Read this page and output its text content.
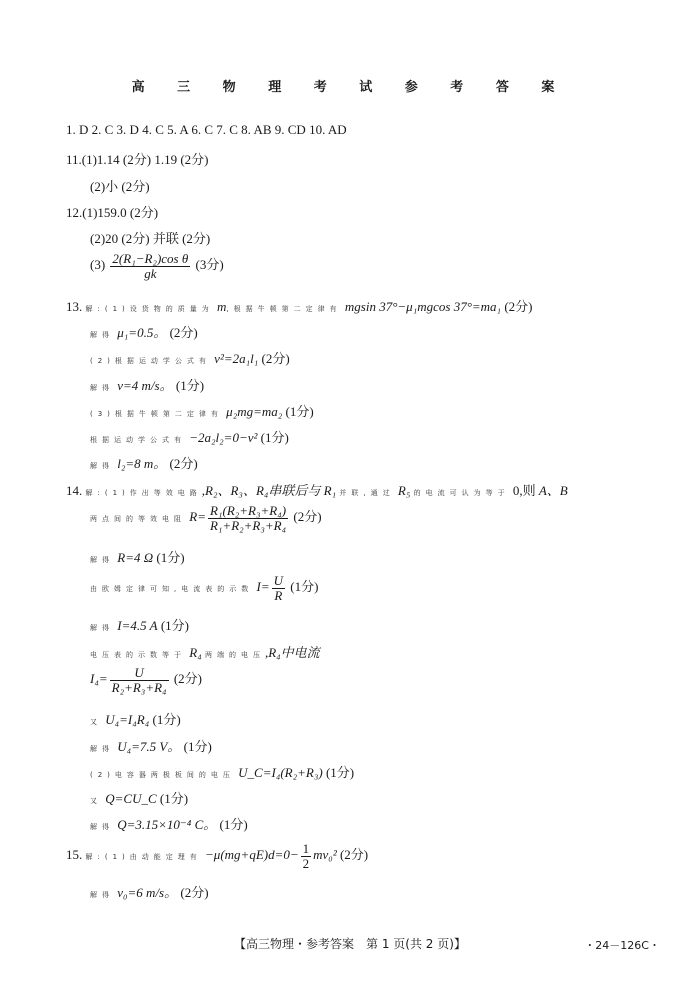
高 三 物 理 考 试 参 考 答 案
1. D 2. C 3. D 4. C 5. A 6. C 7. C 8. AB 9. CD 10. AD
11.(1)1.14 (2分) 1.19 (2分)
(2)小 (2分)
12.(1)159.0 (2分)
(2)20 (2分) 并联 (2分)
$(3) \frac{\text{2(R₁−R₂)cos θ}}{gk} (3$分)
13. 解:(1)设货物的质量为 m,根据牛顿第二定律有 mgsin 37°−μ₁mgcos 37°=ma₁ (2分)
解得 μ₁=0.5。 (2分)
(2)根据运动学公式有 v²=2a₁l₁ (2分)
解得 v=4 m/s。 (1分)
(3)根据牛顿第二定律有 μ₂mg=ma₂ (1分)
根据运动学公式有 −2a₂l₂=0−v² (1分)
解得 l₂=8 m。 (2分)
14. 解:(1)作出等效电路,R₂、R₃、R₄串联后与 R₁ 并联,通过 R₅ 的电流可认为等于 0,则 A、B
两点间的等效电阻 $R= \frac{\text{R₁(R₂+R₃+R₄)}}{\text{R₁+R₂+R₃+R₄}} (2$分)
解得 R=4 Ω (1分)
由欧姆定律可知,电流表的示数 $I= \frac{U}{R} (1$分)
解得 I=4.5 A (1分)
电压表的示数等于 R₄ 两端的电压,R₄中电流
$I_4= \frac{U}{\text{R₂+R₃+R₄}} (2$分)
又 U₄=I₄R₄ (1分)
解得 U₄=7.5 V。 (1分)
(2)电容器两极板间的电压 U_C=I₄(R₂+R₃) (1分)
又 Q=CU_C (1分)
解得 Q=3.15×10⁻⁴ C。 (1分)
15. 解:(1)由动能定理有 $-\mu(mg+qE)d=0- \frac{1}{2} mv_0^2$ (2分)
解得 v₀=6 m/s。 (2分)
【高三物理・参考答案　第 1 页(共 2 页)】	・24－126C・
